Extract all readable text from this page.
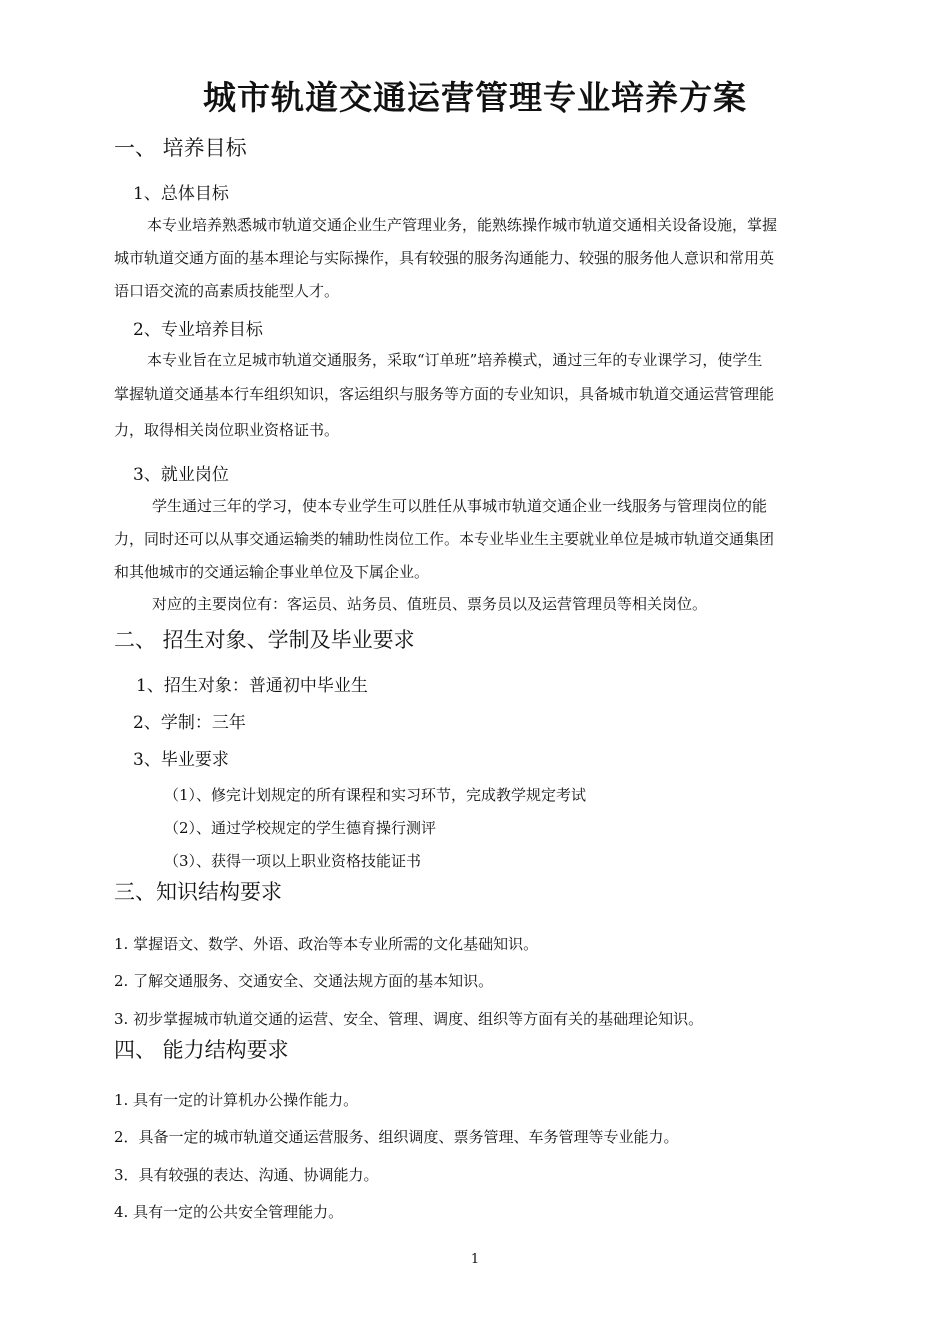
城市轨道交通运营管理专业培养方案
一、 培养目标
1、总体目标
本专业培养熟悉城市轨道交通企业生产管理业务，能熟练操作城市轨道交通相关设备设施，掌握
城市轨道交通方面的基本理论与实际操作，具有较强的服务沟通能力、较强的服务他人意识和常用英
语口语交流的高素质技能型人才。
2、专业培养目标
本专业旨在立足城市轨道交通服务，采取“订单班”培养模式，通过三年的专业课学习，使学生
掌握轨道交通基本行车组织知识，客运组织与服务等方面的专业知识，具备城市轨道交通运营管理能
力，取得相关岗位职业资格证书。
3、就业岗位
学生通过三年的学习，使本专业学生可以胜任从事城市轨道交通企业一线服务与管理岗位的能
力，同时还可以从事交通运输类的辅助性岗位工作。本专业毕业生主要就业单位是城市轨道交通集团
和其他城市的交通运输企事业单位及下属企业。
对应的主要岗位有：客运员、站务员、值班员、票务员以及运营管理员等相关岗位。
二、 招生对象、学制及毕业要求
1、招生对象：普通初中毕业生
2、学制：三年
3、毕业要求
（1）、修完计划规定的所有课程和实习环节，完成教学规定考试
（2）、通过学校规定的学生德育操行测评
（3）、获得一项以上职业资格技能证书
三、知识结构要求
1. 掌握语文、数学、外语、政治等本专业所需的文化基础知识。
2. 了解交通服务、交通安全、交通法规方面的基本知识。
3. 初步掌握城市轨道交通的运营、安全、管理、调度、组织等方面有关的基础理论知识。
四、 能力结构要求
1. 具有一定的计算机办公操作能力。
2．具备一定的城市轨道交通运营服务、组织调度、票务管理、车务管理等专业能力。
3．具有较强的表达、沟通、协调能力。
4. 具有一定的公共安全管理能力。
1
